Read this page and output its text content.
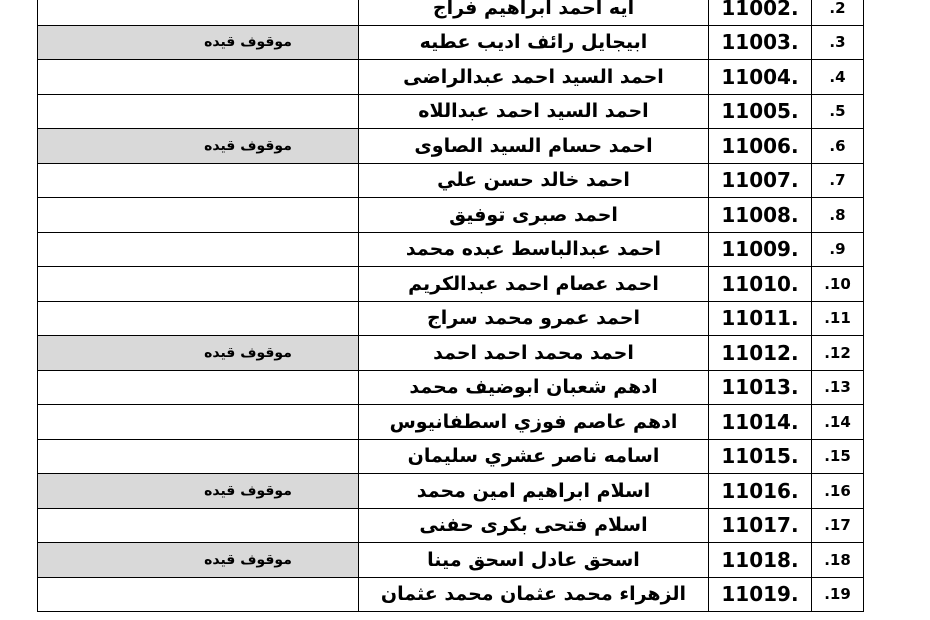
2.	.11002	ايه احمد ابراهيم فراج	
3.	.11003	ابيجايل رائف اديب عطيه	موقوف قيده
4.	.11004	احمد السيد احمد عبدالراضى	
5.	.11005	احمد السيد احمد عبداللاه	
6.	.11006	احمد حسام السيد الصاوى	موقوف قيده
7.	.11007	احمد خالد حسن علي	
8.	.11008	احمد صبرى توفيق	
9.	.11009	احمد عبدالباسط عبده محمد	
10.	.11010	احمد عصام احمد عبدالكريم	
11.	.11011	احمد عمرو محمد سراج	
12.	.11012	احمد محمد احمد احمد	موقوف قيده
13.	.11013	ادهم شعبان ابوضيف محمد	
14.	.11014	ادهم عاصم فوزي اسطفانيوس	
15.	.11015	اسامه ناصر عشري سليمان	
16.	.11016	اسلام ابراهيم امين محمد	موقوف قيده
17.	.11017	اسلام فتحى بكرى حفنى	
18.	.11018	اسحق عادل اسحق مينا	موقوف قيده
19.	.11019	الزهراء محمد عثمان محمد عثمان	
